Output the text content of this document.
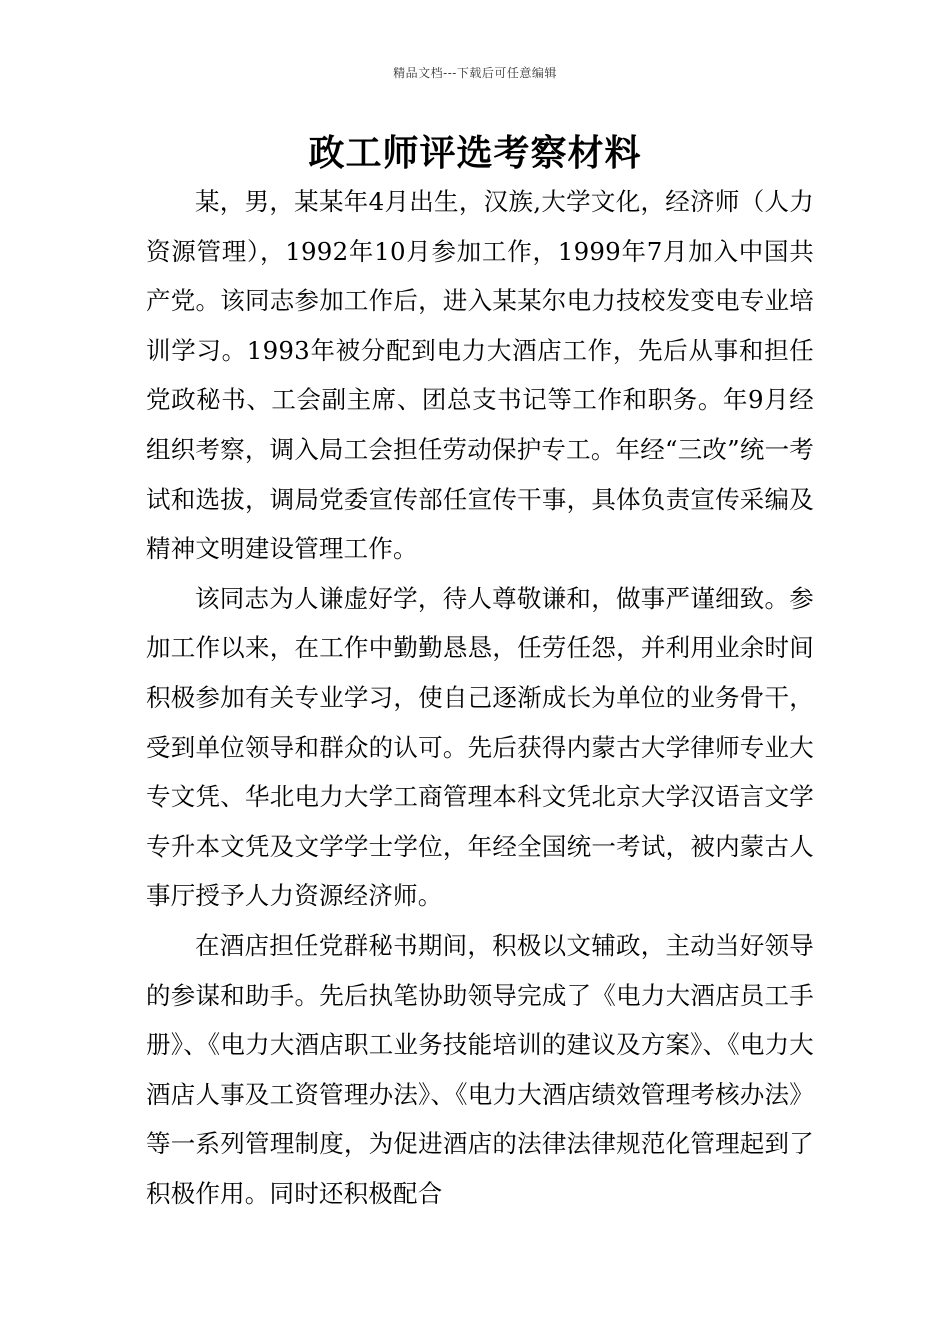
精品文档---下载后可任意编辑
政工师评选考察材料

某，男，某某年4月出生，汉族,大学文化，经济师（人力资源管理），1992年10月参加工作，1999年7月加入中国共产党。该同志参加工作后，进入某某尔电力技校发变电专业培训学习。1993年被分配到电力大酒店工作，先后从事和担任党政秘书、工会副主席、团总支书记等工作和职务。年9月经组织考察，调入局工会担任劳动保护专工。年经“三改”统一考试和选拔，调局党委宣传部任宣传干事，具体负责宣传采编及精神文明建设管理工作。

该同志为人谦虚好学，待人尊敬谦和，做事严谨细致。参加工作以来，在工作中勤勤恳恳，任劳任怨，并利用业余时间积极参加有关专业学习，使自己逐渐成长为单位的业务骨干，受到单位领导和群众的认可。先后获得内蒙古大学律师专业大专文凭、华北电力大学工商管理本科文凭北京大学汉语言文学专升本文凭及文学学士学位，年经全国统一考试，被内蒙古人事厅授予人力资源经济师。

在酒店担任党群秘书期间，积极以文辅政，主动当好领导的参谋和助手。先后执笔协助领导完成了《电力大酒店员工手册》、《电力大酒店职工业务技能培训的建议及方案》、《电力大酒店人事及工资管理办法》、《电力大酒店绩效管理考核办法》等一系列管理制度，为促进酒店的法律法律规范化管理起到了积极作用。同时还积极配合
